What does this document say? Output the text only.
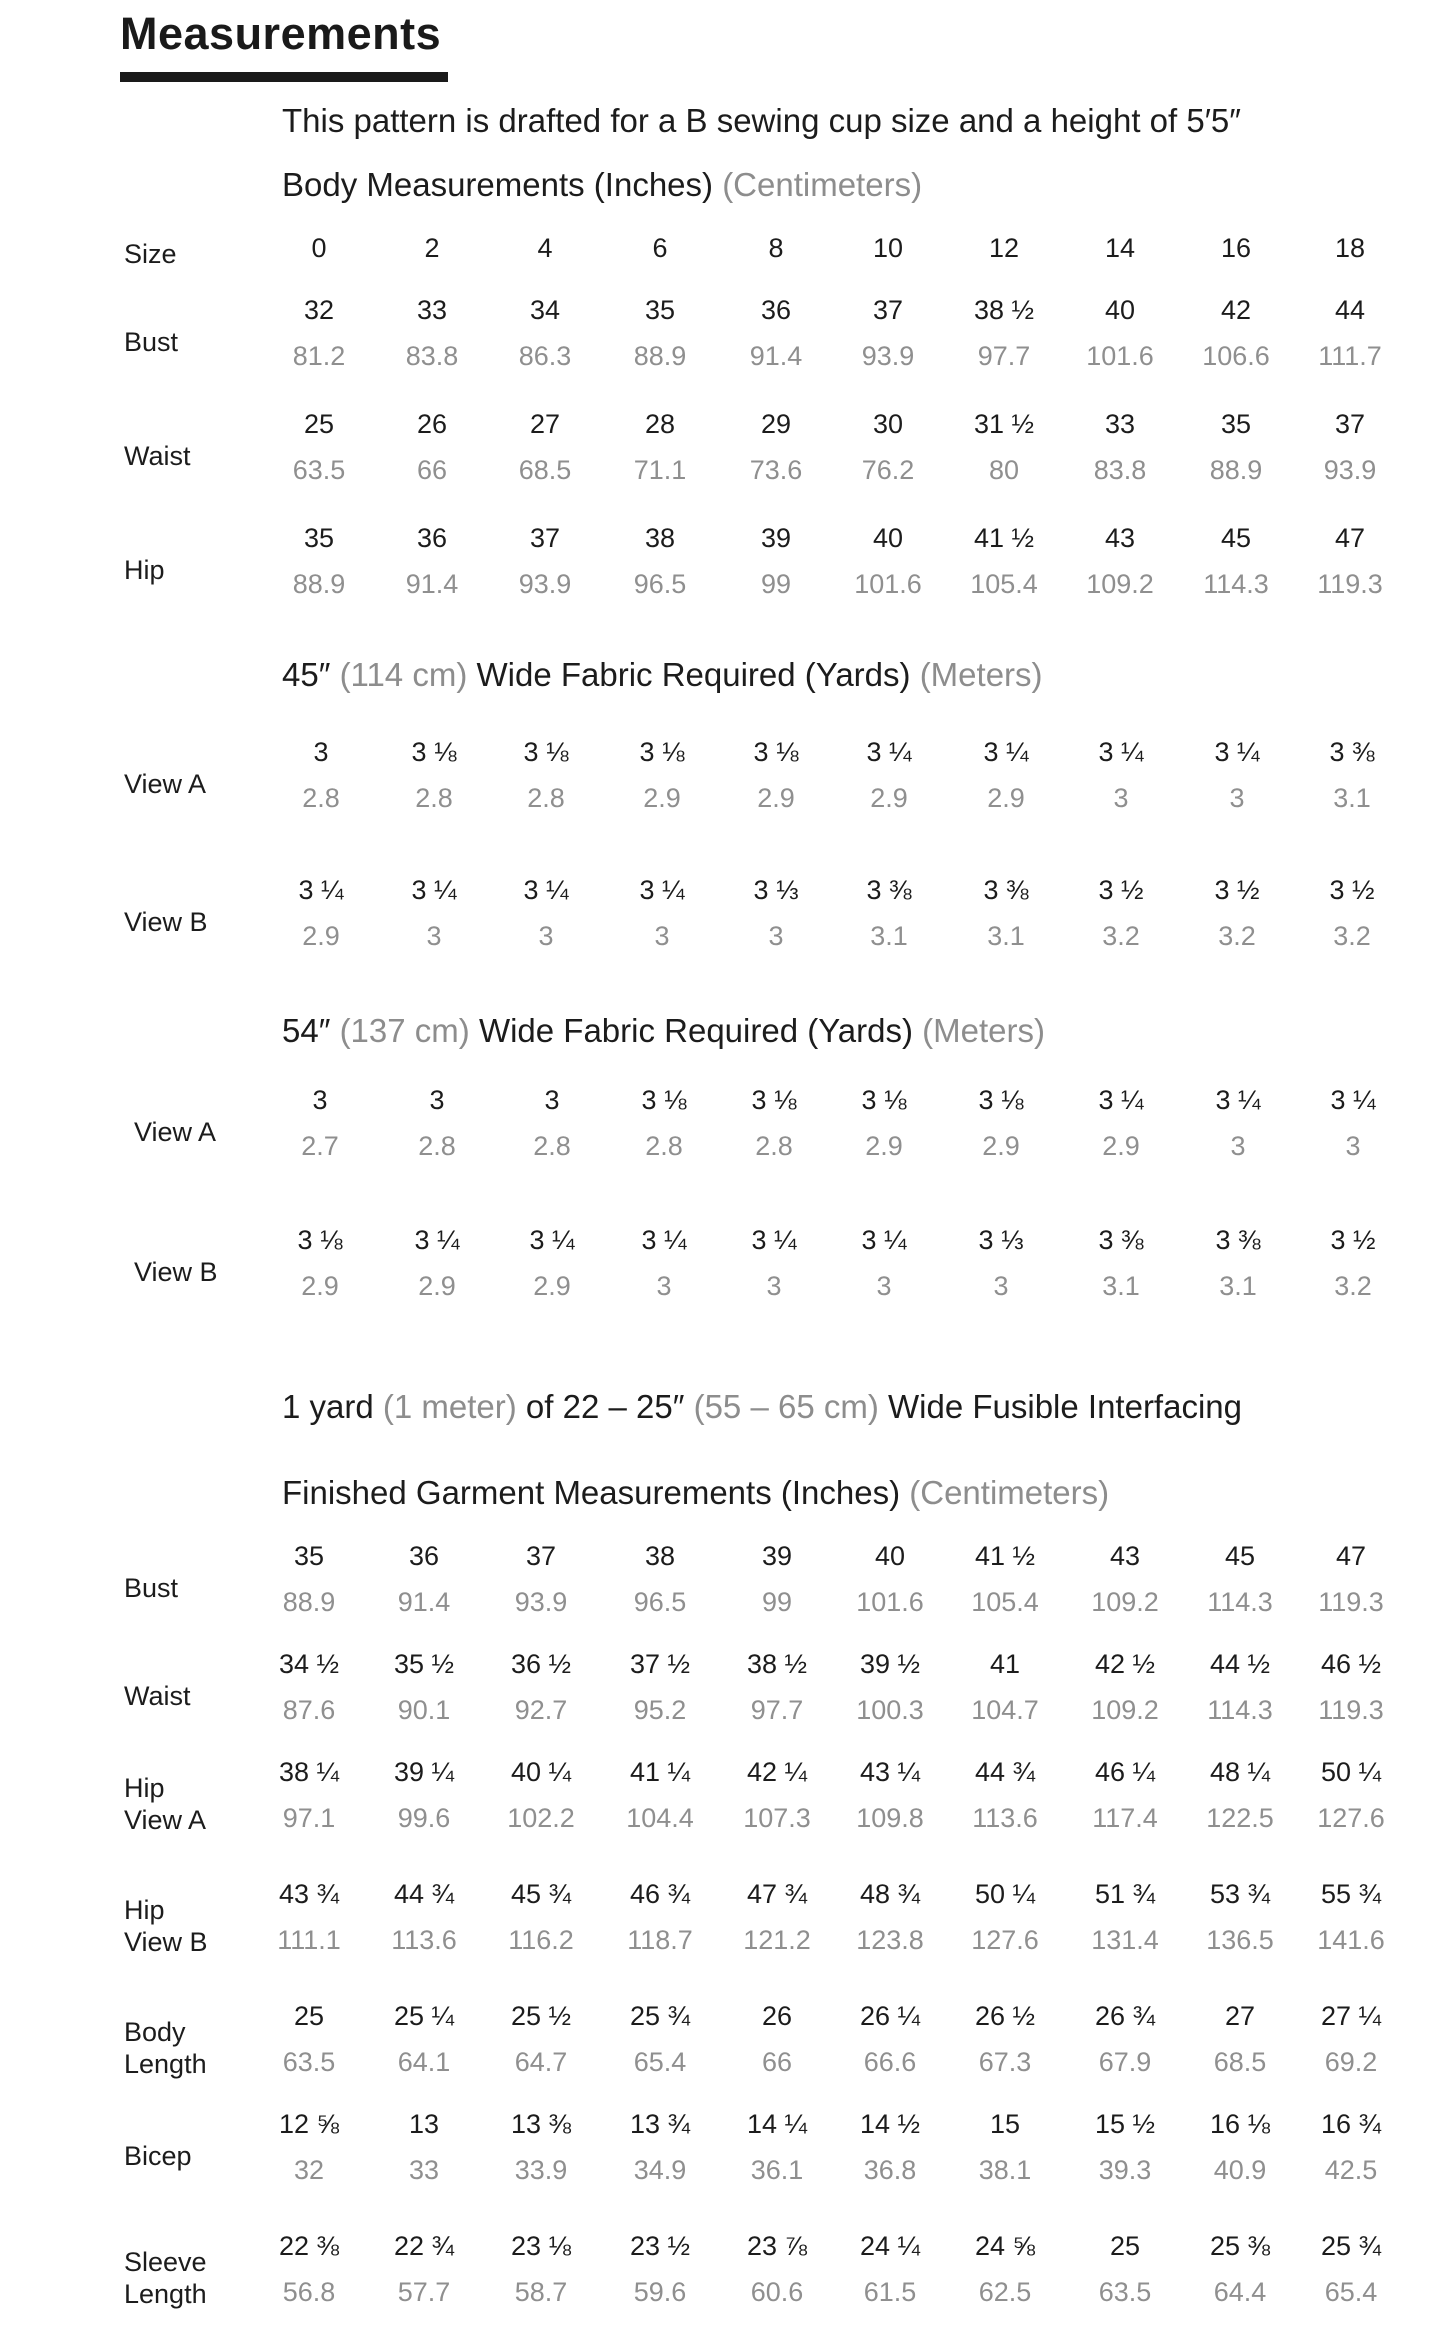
Measurements
This pattern is drafted for a B sewing cup size and a height of 5′5″
Body Measurements (Inches) (Centimeters)
Size	0	2	4	6	8	10	12	14	16	18
Bust
32	33	34	35	36	37	38 ½	40	42	44
81.2	83.8	86.3	88.9	91.4	93.9	97.7	101.6	106.6	111.7
Waist
25	26	27	28	29	30	31 ½	33	35	37
63.5	66	68.5	71.1	73.6	76.2	80	83.8	88.9	93.9
Hip
35	36	37	38	39	40	41 ½	43	45	47
88.9	91.4	93.9	96.5	99	101.6	105.4	109.2	114.3	119.3
45″ (114 cm) Wide Fabric Required (Yards) (Meters)
View A
3	3 ⅛	3 ⅛	3 ⅛	3 ⅛	3 ¼	3 ¼	3 ¼	3 ¼	3 ⅜
2.8	2.8	2.8	2.9	2.9	2.9	2.9	3	3	3.1
View B
3 ¼	3 ¼	3 ¼	3 ¼	3 ⅓	3 ⅜	3 ⅜	3 ½	3 ½	3 ½
2.9	3	3	3	3	3.1	3.1	3.2	3.2	3.2
54″ (137 cm) Wide Fabric Required (Yards) (Meters)
View A
3	3	3	3 ⅛	3 ⅛	3 ⅛	3 ⅛	3 ¼	3 ¼	3 ¼
2.7	2.8	2.8	2.8	2.8	2.9	2.9	2.9	3	3
View B
3 ⅛	3 ¼	3 ¼	3 ¼	3 ¼	3 ¼	3 ⅓	3 ⅜	3 ⅜	3 ½
2.9	2.9	2.9	3	3	3	3	3.1	3.1	3.2
1 yard (1 meter) of 22 – 25″ (55 – 65 cm) Wide Fusible Interfacing
Finished Garment Measurements (Inches) (Centimeters)
Bust
35	36	37	38	39	40	41 ½	43	45	47
88.9	91.4	93.9	96.5	99	101.6	105.4	109.2	114.3	119.3
Waist
34 ½	35 ½	36 ½	37 ½	38 ½	39 ½	41	42 ½	44 ½	46 ½
87.6	90.1	92.7	95.2	97.7	100.3	104.7	109.2	114.3	119.3
Hip
View A
38 ¼	39 ¼	40 ¼	41 ¼	42 ¼	43 ¼	44 ¾	46 ¼	48 ¼	50 ¼
97.1	99.6	102.2	104.4	107.3	109.8	113.6	117.4	122.5	127.6
Hip
View B
43 ¾	44 ¾	45 ¾	46 ¾	47 ¾	48 ¾	50 ¼	51 ¾	53 ¾	55 ¾
111.1	113.6	116.2	118.7	121.2	123.8	127.6	131.4	136.5	141.6
Body
Length
25	25 ¼	25 ½	25 ¾	26	26 ¼	26 ½	26 ¾	27	27 ¼
63.5	64.1	64.7	65.4	66	66.6	67.3	67.9	68.5	69.2
Bicep
12 ⅝	13	13 ⅜	13 ¾	14 ¼	14 ½	15	15 ½	16 ⅛	16 ¾
32	33	33.9	34.9	36.1	36.8	38.1	39.3	40.9	42.5
Sleeve
Length
22 ⅜	22 ¾	23 ⅛	23 ½	23 ⅞	24 ¼	24 ⅝	25	25 ⅜	25 ¾
56.8	57.7	58.7	59.6	60.6	61.5	62.5	63.5	64.4	65.4
